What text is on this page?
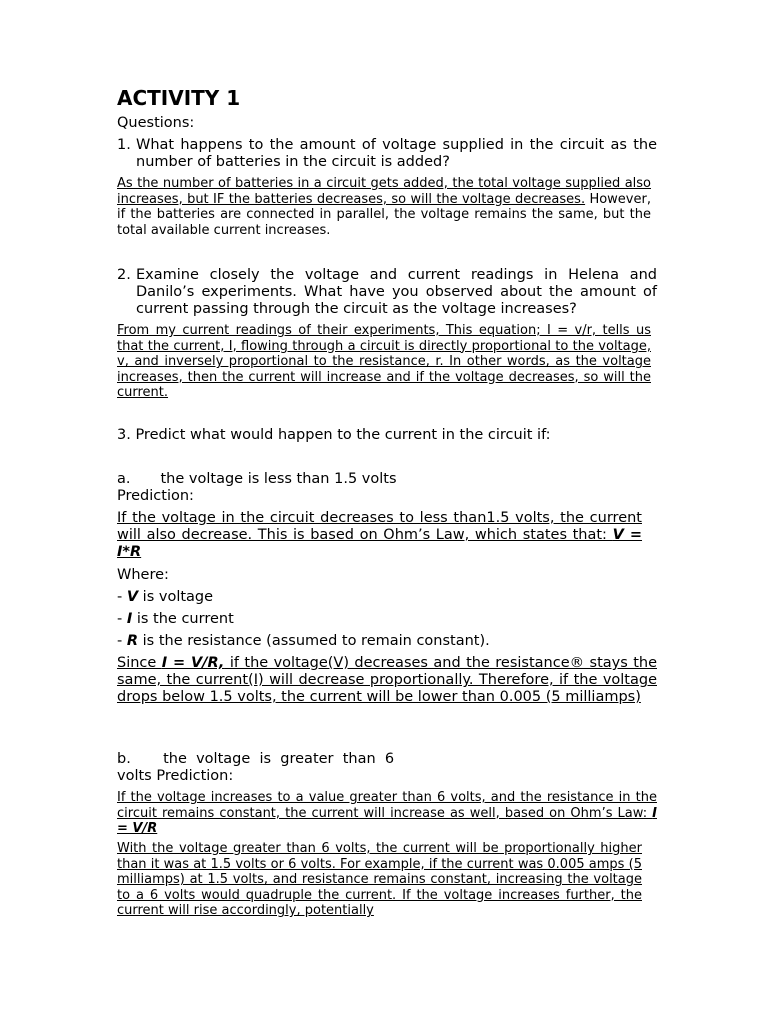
ACTIVITY 1

Questions:

1. What happens to the amount of voltage supplied in the circuit as the number of batteries in the circuit is added?

As the number of batteries in a circuit gets added, the total voltage supplied also increases, but IF the batteries decreases, so will the voltage decreases. However, if the batteries are connected in parallel, the voltage remains the same, but the total available current increases.

2. Examine closely the voltage and current readings in Helena and Danilo’s experiments. What have you observed about the amount of current passing through the circuit as the voltage increases?

From my current readings of their experiments, This equation; I = v/r, tells us that the current, I, flowing through a circuit is directly proportional to the voltage, v, and inversely proportional to the resistance, r. In other words, as the voltage increases, then the current will increase and if the voltage decreases, so will the current.

3. Predict what would happen to the current in the circuit if:

a. the voltage is less than 1.5 volts

Prediction:

If the voltage in the circuit decreases to less than1.5 volts, the current will also decrease. This is based on Ohm’s Law, which states that: V = I*R

Where:

- V is voltage

- I is the current

- R is the resistance (assumed to remain constant).

Since I = V/R, if the voltage(V) decreases and the resistance® stays the same, the current(I) will decrease proportionally. Therefore, if the voltage drops below 1.5 volts, the current will be lower than 0.005 (5 milliamps)

b.       the  voltage  is  greater  than  6

volts Prediction:

If the voltage increases to a value greater than 6 volts, and the resistance in the circuit remains constant, the current will increase as well, based on Ohm’s Law: I = V/R

With the voltage greater than 6 volts, the current will be proportionally higher than it was at 1.5 volts or 6 volts. For example, if the current was 0.005 amps (5 milliamps) at 1.5 volts, and resistance remains constant, increasing the voltage to a 6 volts would quadruple the current. If the voltage increases further, the current will rise accordingly, potentially
